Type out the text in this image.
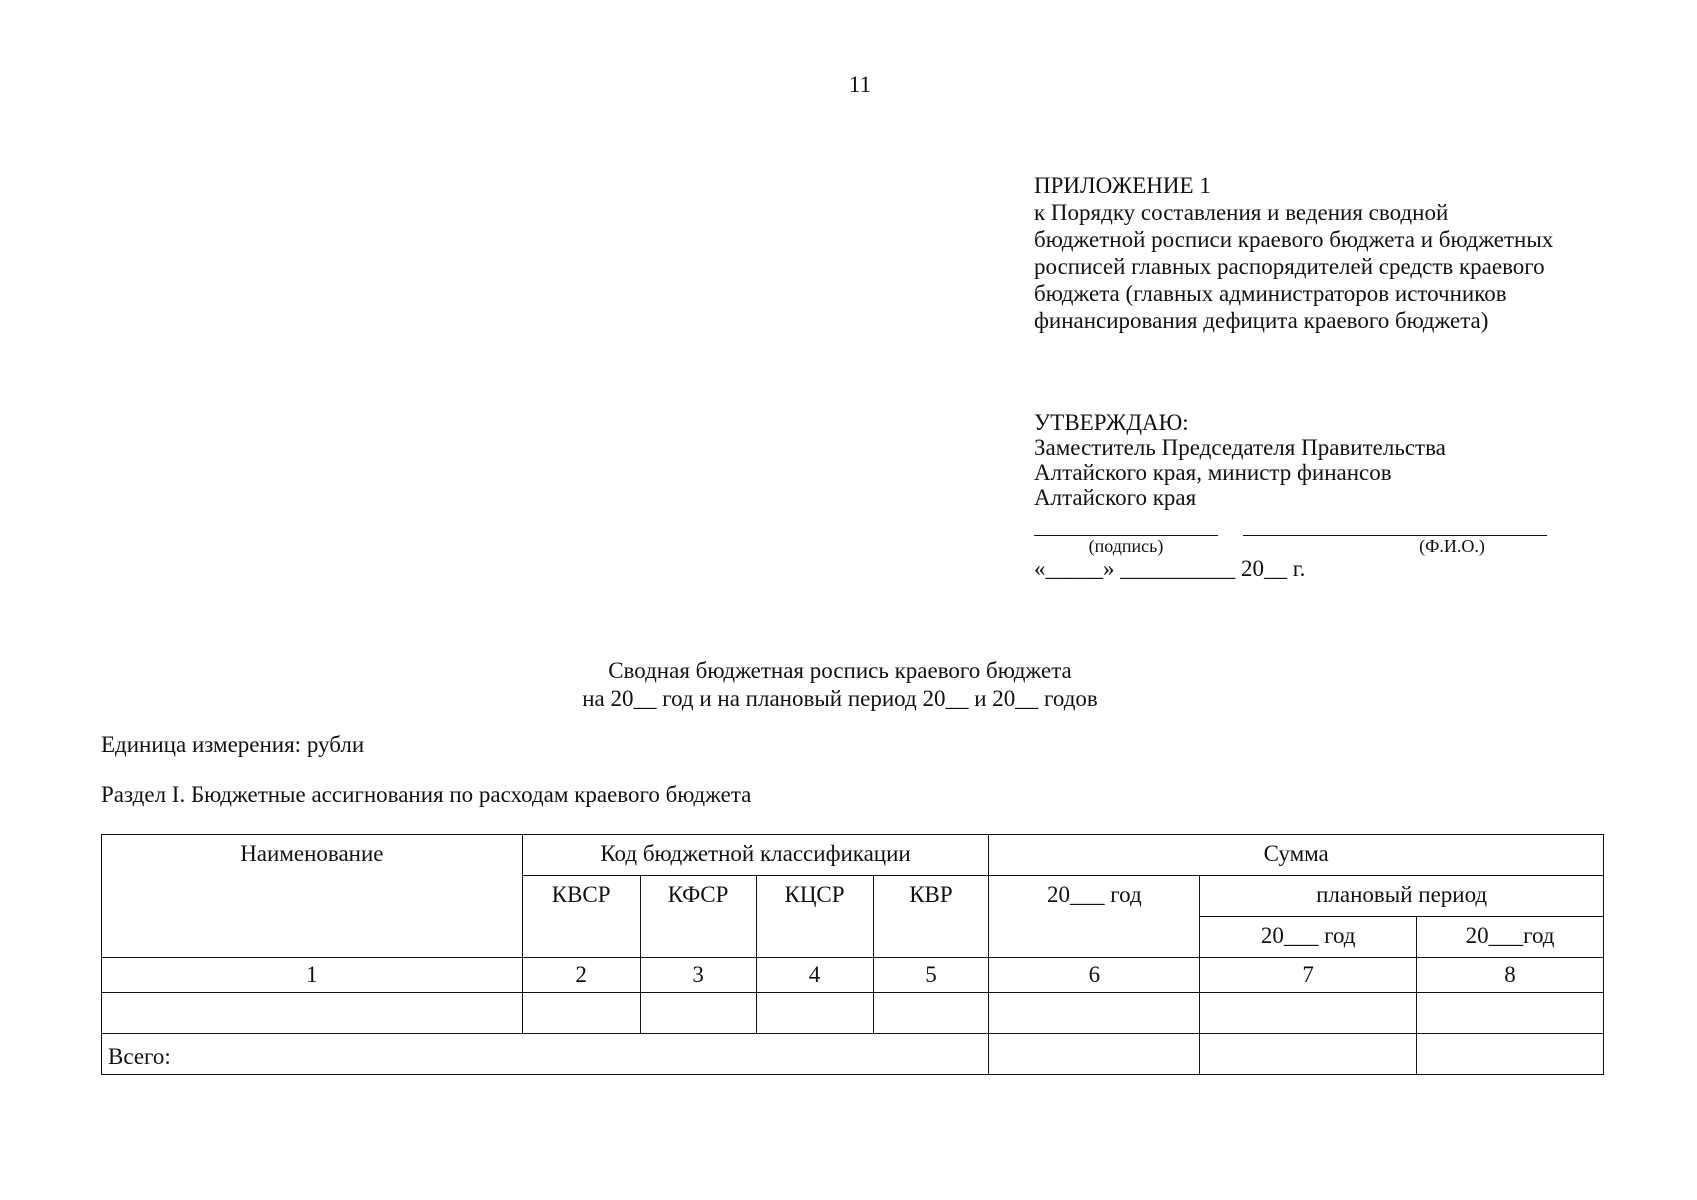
11
ПРИЛОЖЕНИЕ 1
к Порядку составления и ведения сводной
бюджетной росписи краевого бюджета и бюджетных
росписей главных распорядителей средств краевого
бюджета (главных администраторов источников
финансирования дефицита краевого бюджета)
УТВЕРЖДАЮ:
Заместитель Председателя Правительства
Алтайского края, министр финансов
Алтайского края
(подпись)	(Ф.И.О.)
«_____» __________ 20__ г.
Сводная бюджетная роспись краевого бюджета
на 20__ год и на плановый период 20__ и 20__ годов
Единица измерения: рубли
Раздел I. Бюджетные ассигнования по расходам краевого бюджета
Наименование	Код бюджетной классификации				Сумма		
	КВСР	КФСР	КЦСР	КВР	20___ год	плановый период	
						20___ год	20___год
1	2	3	4	5	6	7	8

Всего:							
